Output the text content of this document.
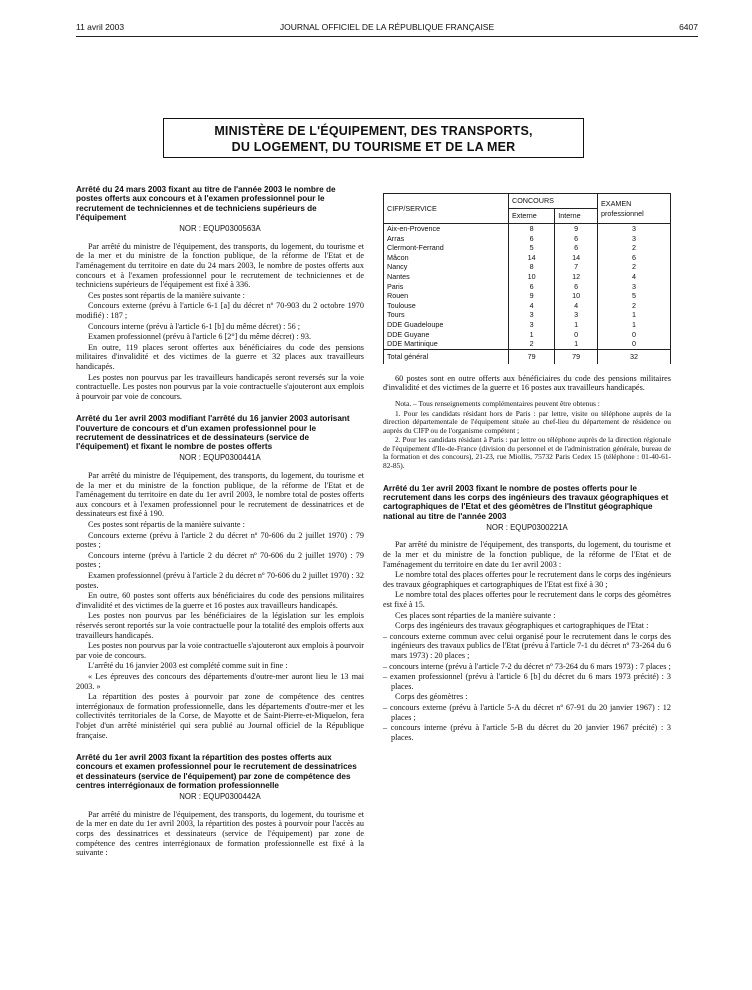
11 avril 2003	JOURNAL OFFICIEL DE LA RÉPUBLIQUE FRANÇAISE	6407
MINISTÈRE DE L'ÉQUIPEMENT, DES TRANSPORTS,
DU LOGEMENT, DU TOURISME ET DE LA MER
Arrêté du 24 mars 2003 fixant au titre de l'année 2003 le nombre de postes offerts aux concours et à l'examen professionnel pour le recrutement de techniciennes et de techniciens supérieurs de l'équipement
NOR : EQUP0300563A

Par arrêté du ministre de l'équipement, des transports, du logement, du tourisme et de la mer et du ministre de la fonction publique, de la réforme de l'Etat et de l'aménagement du territoire en date du 24 mars 2003, le nombre de postes offerts aux concours et à l'examen professionnel pour le recrutement de techniciennes et de techniciens supérieurs de l'équipement est fixé à 336.

Ces postes sont répartis de la manière suivante :

Concours externe (prévu à l'article 6-1 [a] du décret nº 70-903 du 2 octobre 1970 modifié) : 187 ;

Concours interne (prévu à l'article 6-1 [b] du même décret) : 56 ;

Examen professionnel (prévu à l'article 6 [2°] du même décret) : 93.

En outre, 119 places seront offertes aux bénéficiaires du code des pensions militaires d'invalidité et des victimes de la guerre et 32 places aux travailleurs handicapés.

Les postes non pourvus par les travailleurs handicapés seront reversés sur la voie contractuelle. Les postes non pourvus par la voie contractuelle s'ajouteront aux emplois à pourvoir par voie de concours.

Arrêté du 1er avril 2003 modifiant l'arrêté du 16 janvier 2003 autorisant l'ouverture de concours et d'un examen professionnel pour le recrutement de dessinatrices et de dessinateurs (service de l'équipement) et fixant le nombre de postes offerts
NOR : EQUP0300441A

Par arrêté du ministre de l'équipement, des transports, du logement, du tourisme et de la mer et du ministre de la fonction publique, de la réforme de l'Etat et de l'aménagement du territoire en date du 1er avril 2003, le nombre total de postes offerts aux concours et à l'examen professionnel pour le recrutement de dessinatrices et de dessinateurs est fixé à 190.

Ces postes sont répartis de la manière suivante :

Concours externe (prévu à l'article 2 du décret nº 70-606 du 2 juillet 1970) : 79 postes ;

Concours interne (prévu à l'article 2 du décret nº 70-606 du 2 juillet 1970) : 79 postes ;

Examen professionnel (prévu à l'article 2 du décret nº 70-606 du 2 juillet 1970) : 32 postes.

En outre, 60 postes sont offerts aux bénéficiaires du code des pensions militaires d'invalidité et des victimes de la guerre et 16 postes aux travailleurs handicapés.

Les postes non pourvus par les bénéficiaires de la législation sur les emplois réservés seront reportés sur la voie contractuelle pour la totalité des emplois offerts aux travailleurs handicapés.

Les postes non pourvus par la voie contractuelle s'ajouteront aux emplois à pourvoir par voie de concours.

L'arrêté du 16 janvier 2003 est complété comme suit in fine :

« Les épreuves des concours des départements d'outre-mer auront lieu le 13 mai 2003. »

La répartition des postes à pourvoir par zone de compétence des centres interrégionaux de formation professionnelle, dans les départements d'outre-mer et les collectivités territoriales de la Corse, de Mayotte et de Saint-Pierre-et-Miquelon, fera l'objet d'un arrêté ministériel qui sera publié au Journal officiel de la République française.

Arrêté du 1er avril 2003 fixant la répartition des postes offerts aux concours et examen professionnel pour le recrutement de dessinatrices et dessinateurs (service de l'équipement) par zone de compétence des centres interrégionaux de formation professionnelle
NOR : EQUP0300442A

Par arrêté du ministre de l'équipement, des transports, du logement, du tourisme et de la mer en date du 1er avril 2003, la répartition des postes à pourvoir pour l'accès au corps des dessinatrices et dessinateurs (service de l'équipement) par zone de compétence des centres interrégionaux de formation professionnelle est fixé à la suivante :

CIFP/SERVICE	CONCOURS		EXAMEN professionnel
	Externe	Interne	
Aix-en-Provence	8	9	3
Arras	6	6	3
Clermont-Ferrand	5	6	2
Mâcon	14	14	6
Nancy	8	7	2
Nantes	10	12	4
Paris	6	6	3
Rouen	9	10	5
Toulouse	4	4	2
Tours	3	3	1
DDE Guadeloupe	3	1	1
DDE Guyane	1	0	0
DDE Martinique	2	1	0
Total général	79	79	32

60 postes sont en outre offerts aux bénéficiaires du code des pensions militaires d'invalidité et des victimes de la guerre et 16 postes aux travailleurs handicapés.

Nota. – Tous renseignements complémentaires peuvent être obtenus :

1. Pour les candidats résidant hors de Paris : par lettre, visite ou téléphone auprès de la direction départementale de l'équipement située au chef-lieu du département de résidence ou auprès du CIFP ou de l'organisme compétent ;

2. Pour les candidats résidant à Paris : par lettre ou téléphone auprès de la direction régionale de l'équipement d'Ile-de-France (division du personnel et de l'administration générale, bureau de la formation et des concours), 21-23, rue Miollis, 75732 Paris Cedex 15 (téléphone : 01-40-61-82-85).

Arrêté du 1er avril 2003 fixant le nombre de postes offerts pour le recrutement dans les corps des ingénieurs des travaux géographiques et cartographiques de l'Etat et des géomètres de l'Institut géographique national au titre de l'année 2003
NOR : EQUP0300221A

Par arrêté du ministre de l'équipement, des transports, du logement, du tourisme et de la mer et du ministre de la fonction publique, de la réforme de l'Etat et de l'aménagement du territoire en date du 1er avril 2003 :

Le nombre total des places offertes pour le recrutement dans le corps des ingénieurs des travaux géographiques et cartographiques de l'Etat est fixé à 30 ;

Le nombre total des places offertes pour le recrutement dans le corps des géomètres est fixé à 15.

Ces places sont réparties de la manière suivante :

Corps des ingénieurs des travaux géographiques et cartographiques de l'Etat :

– concours externe commun avec celui organisé pour le recrutement dans le corps des ingénieurs des travaux publics de l'Etat (prévu à l'article 7-1 du décret nº 73-264 du 6 mars 1973) : 20 places ;

– concours interne (prévu à l'article 7-2 du décret nº 73-264 du 6 mars 1973) : 7 places ;

– examen professionnel (prévu à l'article 6 [b] du décret du 6 mars 1973 précité) : 3 places.

Corps des géomètres :

– concours externe (prévu à l'article 5-A du décret nº 67-91 du 20 janvier 1967) : 12 places ;

– concours interne (prévu à l'article 5-B du décret du 20 janvier 1967 précité) : 3 places.
